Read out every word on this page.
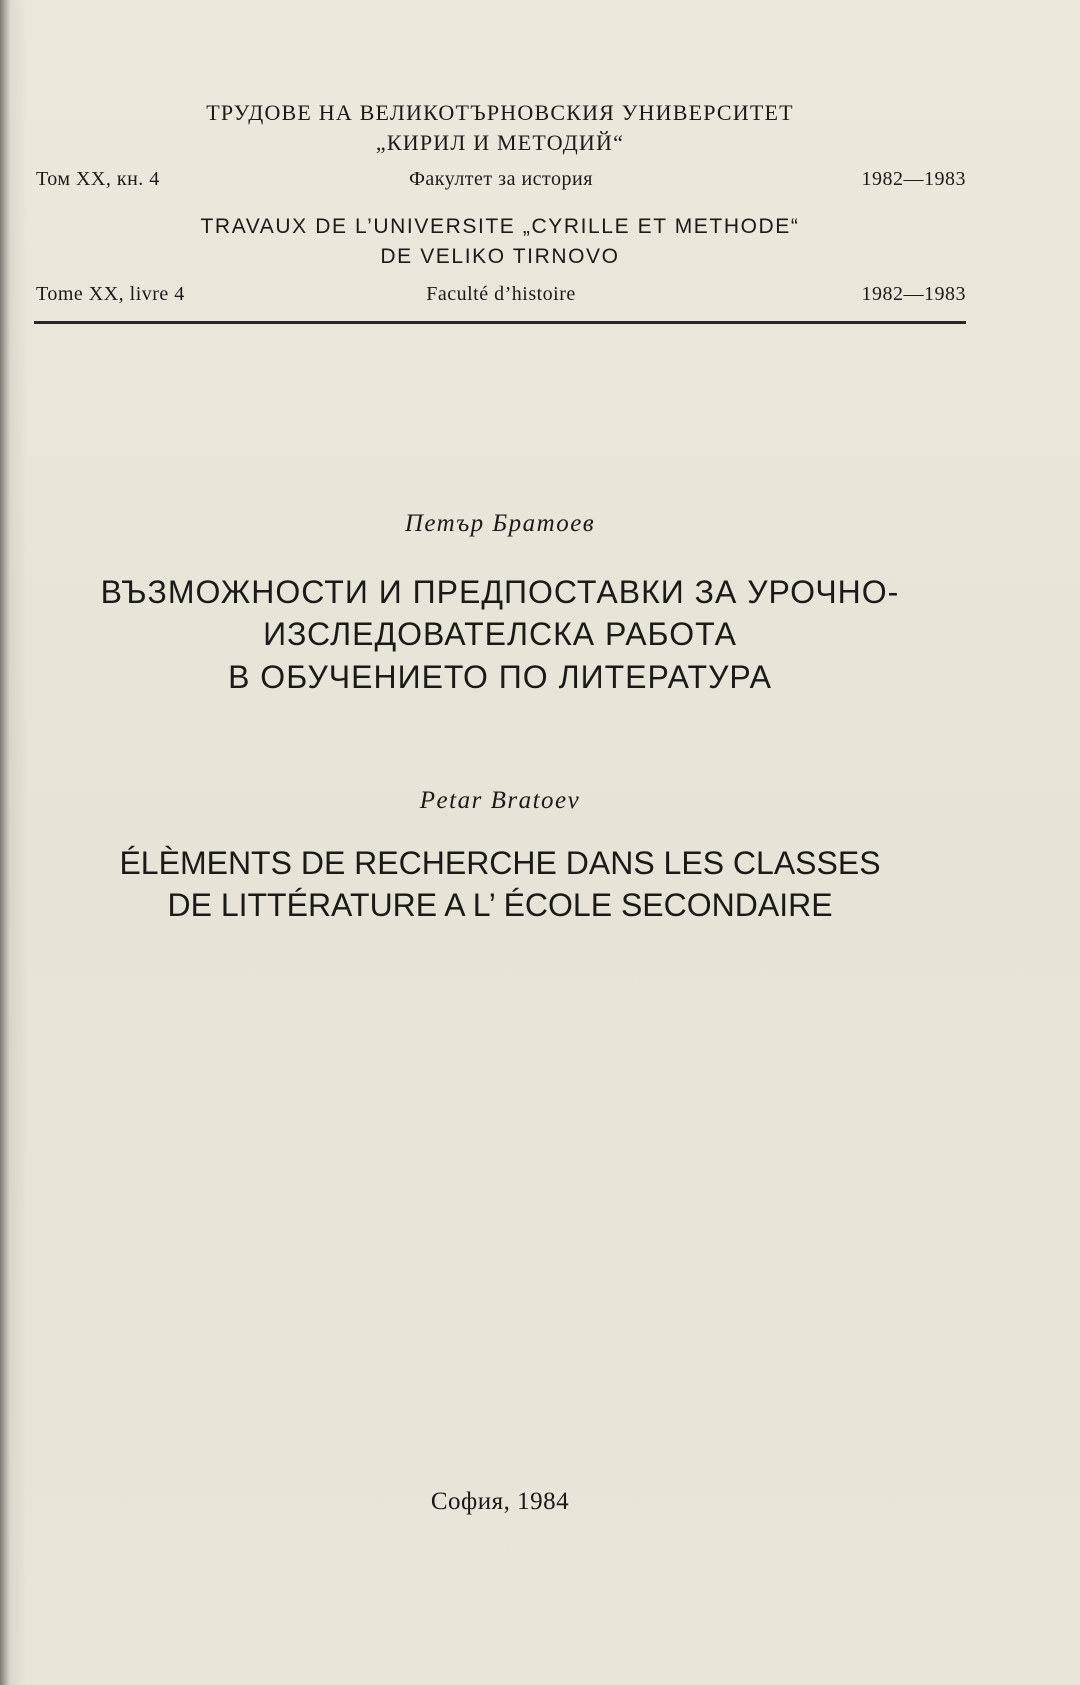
ТРУДОВЕ НА ВЕЛИКОТЪРНОВСКИЯ УНИВЕРСИТЕТ
„КИРИЛ И МЕТОДИЙ“
Том XX, кн. 4	Факултет за история	1982—1983
TRAVAUX DE L’UNIVERSITE „CYRILLE ET METHODE“
DE VELIKO TIRNOVO
Tome XX, livre 4	Faculté d’histoire	1982—1983
Петър Братоев
ВЪЗМОЖНОСТИ И ПРЕДПОСТАВКИ ЗА УРОЧНО-
ИЗСЛЕДОВАТЕЛСКА РАБОТА
В ОБУЧЕНИЕТО ПО ЛИТЕРАТУРА
Petar Bratoev
ÉLÈMENTS DE RECHERCHE DANS LES CLASSES
DE LITTÉRATURE A L’ ÉCOLE SECONDAIRE
София, 1984
